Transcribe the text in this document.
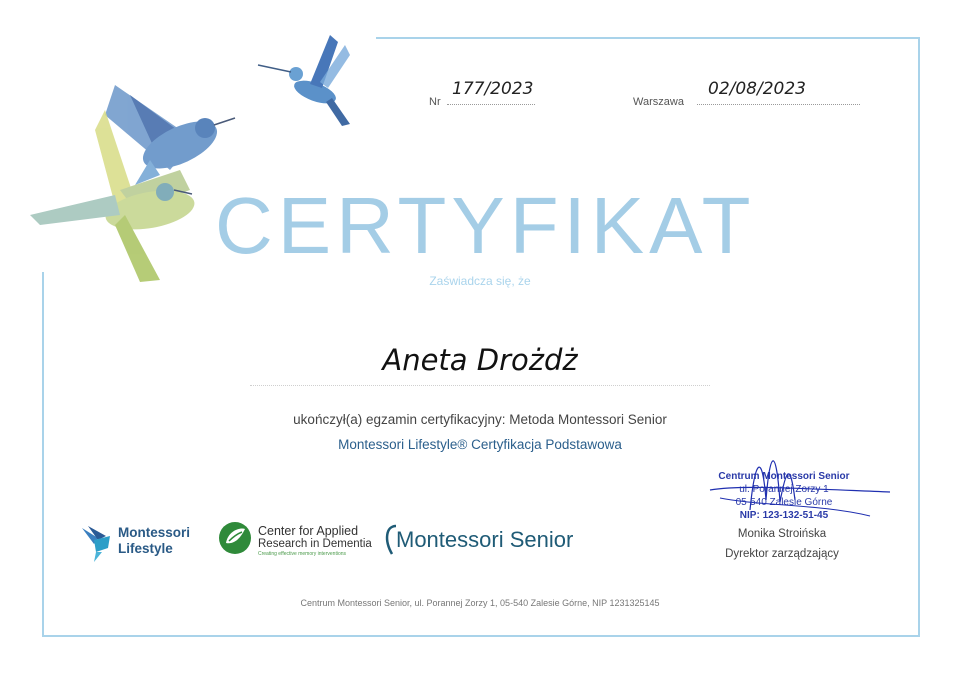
Nr
177/2023
Warszawa
02/08/2023
CERTYFIKAT
Zaświadcza się, że
Aneta Drożdż
ukończył(a) egzamin certyfikacyjny: Metoda Montessori Senior
Montessori Lifestyle® Certyfikacja Podstawowa
Montessori
Lifestyle
Center for Applied
Research in Dementia
Creating effective memory interventions
Montessori Senior
Centrum Montessori Senior
ul. Porannej Zorzy 1
05-540 Zalesie Górne
NIP: 123-132-51-45
Monika Stroińska
Dyrektor zarządzający
Centrum Montessori Senior, ul. Porannej Zorzy 1, 05-540 Zalesie Górne, NIP 1231325145
